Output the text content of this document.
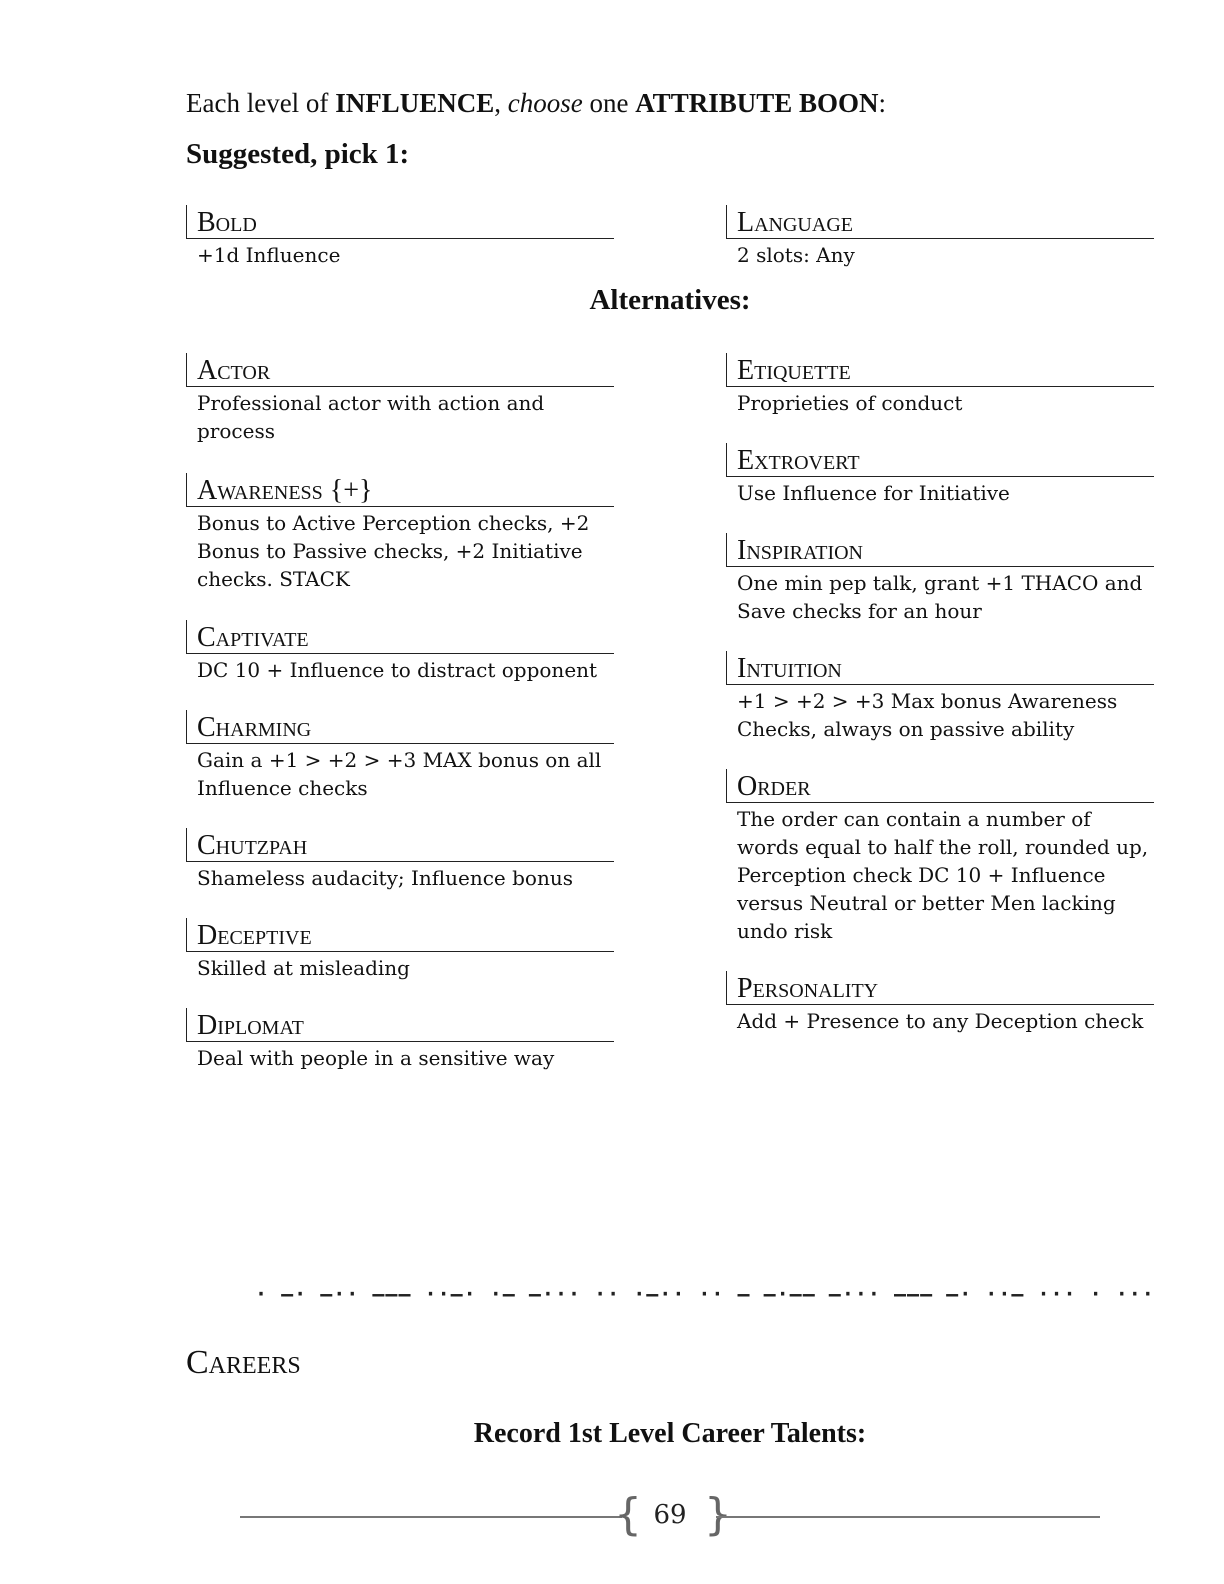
Each level of INFLUENCE, choose one ATTRIBUTE BOON:
Suggested, pick 1:
Bold
+1d Influence
Language
2 slots: Any
Alternatives:
Actor
Professional actor with action and process
Awareness {+}
Bonus to Active Perception checks, +2 Bonus to Passive checks, +2 Initiative checks. STACK
Captivate
DC 10 + Influence to distract opponent
Charming
Gain a +1 > +2 > +3 MAX bonus on all Influence checks
Chutzpah
Shameless audacity; Influence bonus
Deceptive
Skilled at misleading
Diplomat
Deal with people in a sensitive way
Etiquette
Proprieties of conduct
Extrovert
Use Influence for Initiative
Inspiration
One min pep talk, grant +1 THACO and Save checks for an hour
Intuition
+1 > +2 > +3 Max bonus Awareness Checks, always on passive ability
Order
The order can contain a number of words equal to half the roll, rounded up, Perception check DC 10 + Influence versus Neutral or better Men lacking undo risk
Personality
Add + Presence to any Deception check
· ‒· ‒·· ‒‒‒ ··‒· ·‒ ‒··· ·· ·‒·· ·· ‒ ‒·‒‒ ‒··· ‒‒‒ ‒· ··‒ ··· · ···
Careers
Record 1st Level Career Talents:
{ 69 }
